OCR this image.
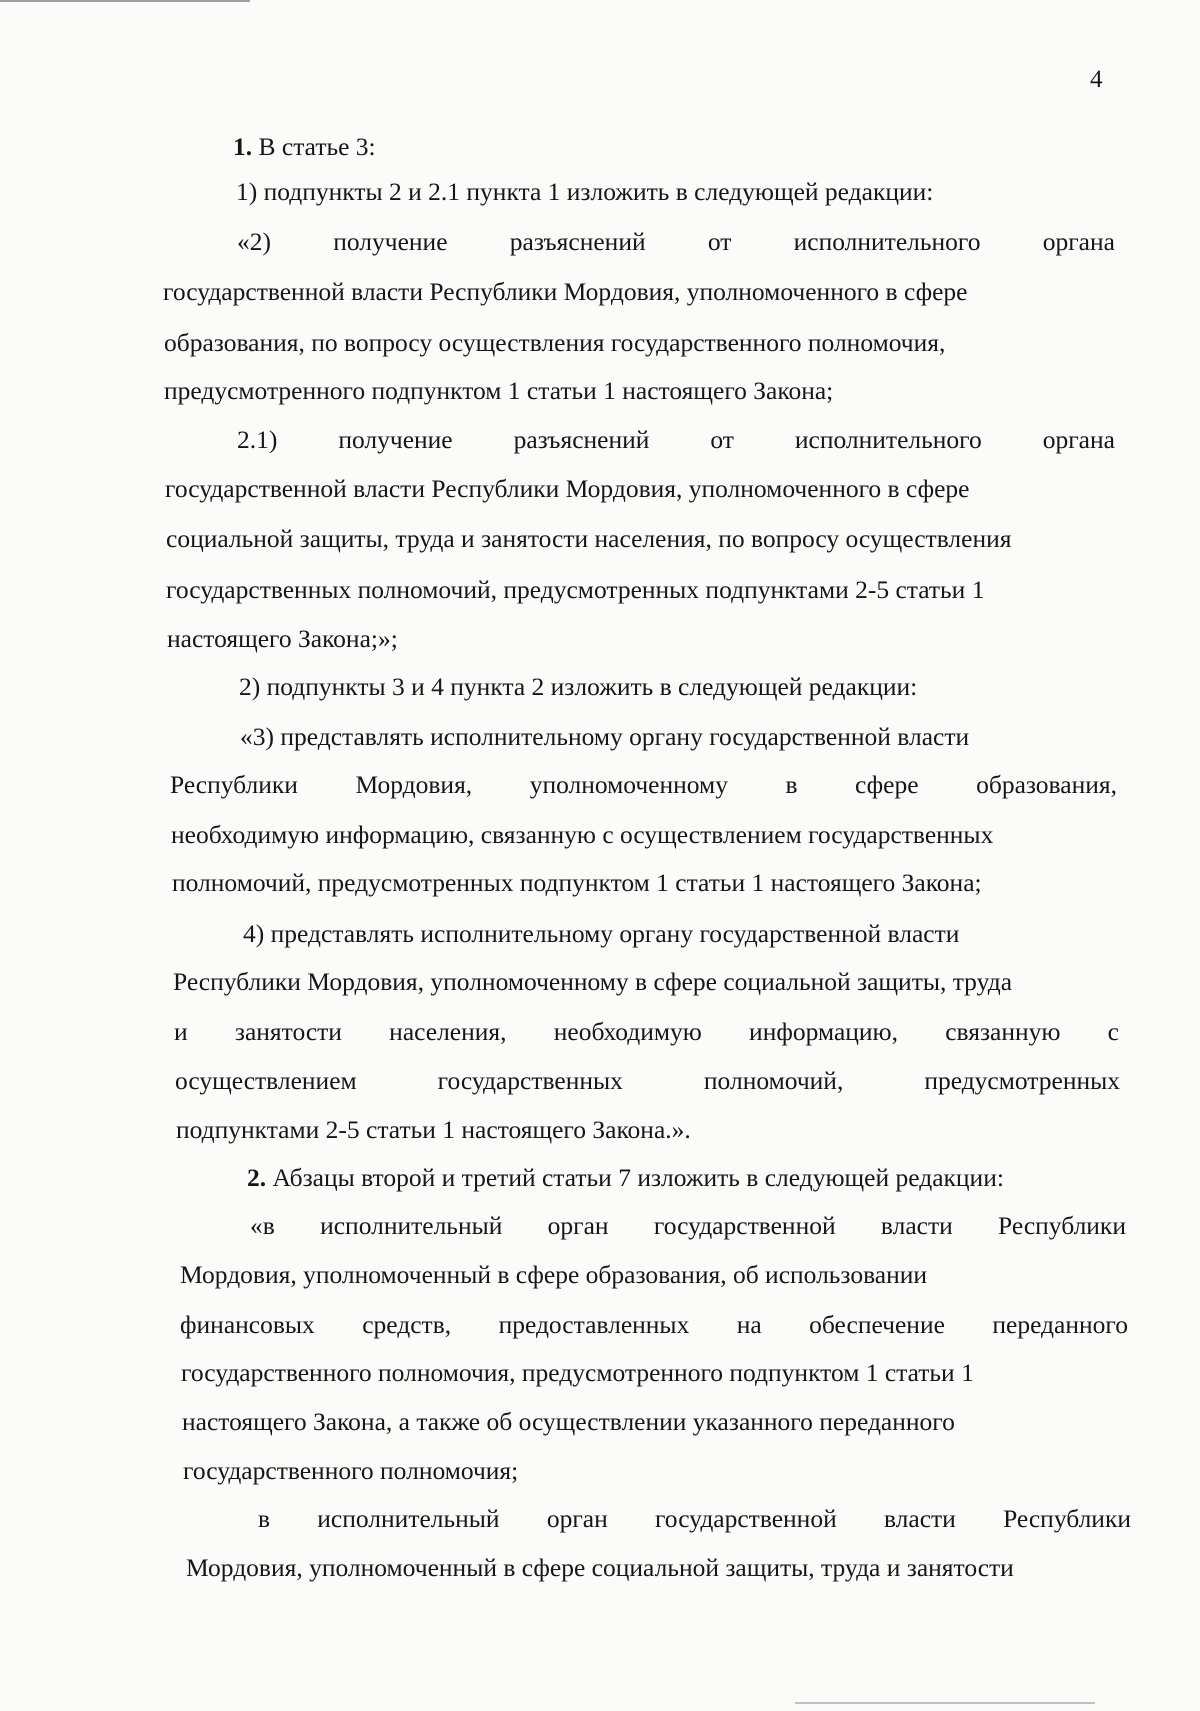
4
1. В статье 3:
1) подпункты 2 и 2.1 пункта 1 изложить в следующей редакции:
«2) получение разъяснений от исполнительного органа
государственной власти Республики Мордовия, уполномоченного в сфере
образования, по вопросу осуществления государственного полномочия,
предусмотренного подпунктом 1 статьи 1 настоящего Закона;
2.1) получение разъяснений от исполнительного органа
государственной власти Республики Мордовия, уполномоченного в сфере
социальной защиты, труда и занятости населения, по вопросу осуществления
государственных полномочий, предусмотренных подпунктами 2-5 статьи 1
настоящего Закона;»;
2) подпункты 3 и 4 пункта 2 изложить в следующей редакции:
«3) представлять исполнительному органу государственной власти
Республики Мордовия, уполномоченному в сфере образования,
необходимую информацию, связанную с осуществлением государственных
полномочий, предусмотренных подпунктом 1 статьи 1 настоящего Закона;
4) представлять исполнительному органу государственной власти
Республики Мордовия, уполномоченному в сфере социальной защиты, труда
и занятости населения, необходимую информацию, связанную с
осуществлением	государственных	полномочий,	предусмотренных
подпунктами 2-5 статьи 1 настоящего Закона.».
2. Абзацы второй и третий статьи 7 изложить в следующей редакции:
«в исполнительный орган государственной власти Республики
Мордовия, уполномоченный в сфере образования, об использовании
финансовых средств, предоставленных на обеспечение переданного
государственного полномочия, предусмотренного подпунктом 1 статьи 1
настоящего Закона, а также об осуществлении указанного переданного
государственного полномочия;
в исполнительный орган государственной власти Республики
Мордовия, уполномоченный в сфере социальной защиты, труда и занятости
